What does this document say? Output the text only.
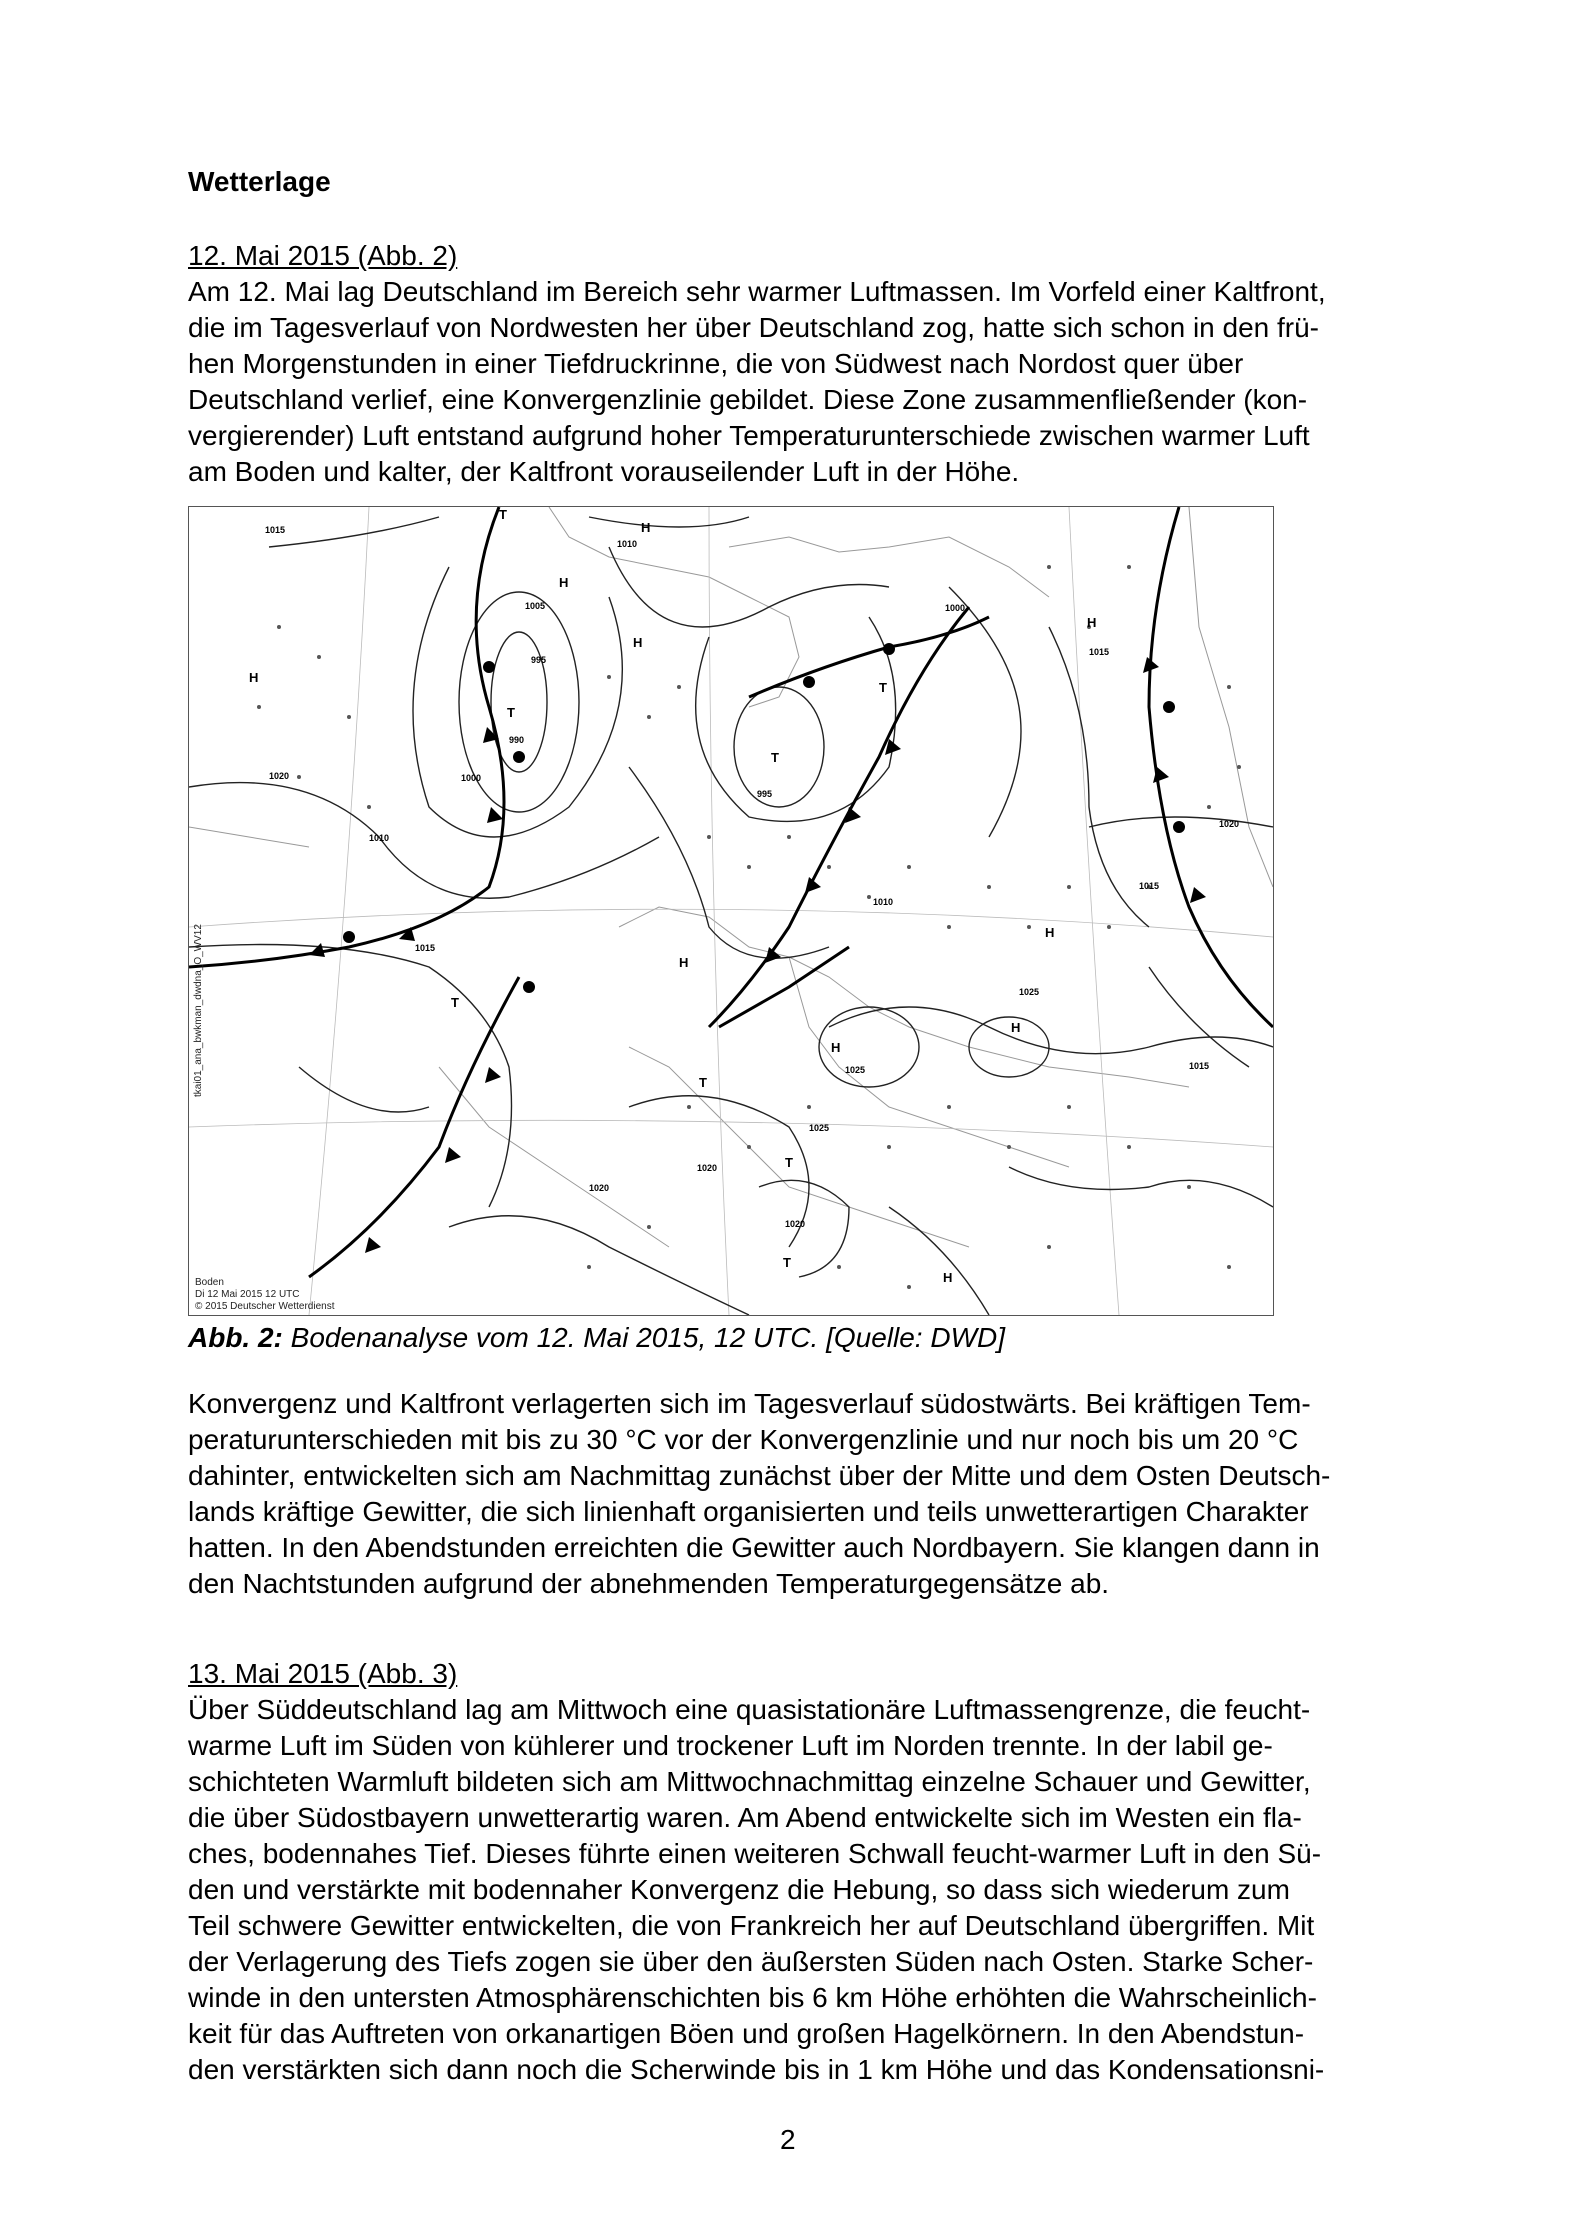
Wetterlage
12. Mai 2015 (Abb. 2)
Am 12. Mai lag Deutschland im Bereich sehr warmer Luftmassen. Im Vorfeld einer Kaltfront,
die im Tagesverlauf von Nordwesten her über Deutschland zog, hatte sich schon in den frü-
hen Morgenstunden in einer Tiefdruckrinne, die von Südwest nach Nordost quer über
Deutschland verlief, eine Konvergenzlinie gebildet. Diese Zone zusammenfließender (kon-
vergierender) Luft entstand aufgrund hoher Temperaturunterschiede zwischen warmer Luft
am Boden und kalter, der Kaltfront vorauseilender Luft in der Höhe.
T
T
T
T
T
T
T
T
H
H
H
H
H
H
H
H
H
H
990
995
995
1000
1000
1005
1010
1010
1010
1015
1015
1015
1015
1015
1020
1020
1020
1020
1020
1025
1025
1025
tkai01_ana_bwkman_dwdna_O_WV12
Boden
Di 12 Mai 2015 12 UTC
© 2015 Deutscher Wetterdienst
Abb. 2: Bodenanalyse vom 12. Mai 2015, 12 UTC. [Quelle: DWD]
Konvergenz und Kaltfront verlagerten sich im Tagesverlauf südostwärts. Bei kräftigen Tem-
peraturunterschieden mit bis zu 30 °C vor der Konvergenzlinie und nur noch bis um 20 °C
dahinter, entwickelten sich am Nachmittag zunächst über der Mitte und dem Osten Deutsch-
lands kräftige Gewitter, die sich linienhaft organisierten und teils unwetterartigen Charakter
hatten. In den Abendstunden erreichten die Gewitter auch Nordbayern. Sie klangen dann in
den Nachtstunden aufgrund der abnehmenden Temperaturgegensätze ab.
13. Mai 2015 (Abb. 3)
Über Süddeutschland lag am Mittwoch eine quasistationäre Luftmassengrenze, die feucht-
warme Luft im Süden von kühlerer und trockener Luft im Norden trennte. In der labil ge-
schichteten Warmluft bildeten sich am Mittwochnachmittag einzelne Schauer und Gewitter,
die über Südostbayern unwetterartig waren. Am Abend entwickelte sich im Westen ein fla-
ches, bodennahes Tief. Dieses führte einen weiteren Schwall feucht-warmer Luft in den Sü-
den und verstärkte mit bodennaher Konvergenz die Hebung, so dass sich wiederum zum
Teil schwere Gewitter entwickelten, die von Frankreich her auf Deutschland übergriffen. Mit
der Verlagerung des Tiefs zogen sie über den äußersten Süden nach Osten. Starke Scher-
winde in den untersten Atmosphärenschichten bis 6 km Höhe erhöhten die Wahrscheinlich-
keit für das Auftreten von orkanartigen Böen und großen Hagelkörnern. In den Abendstun-
den verstärkten sich dann noch die Scherwinde bis in 1 km Höhe und das Kondensationsni-
2
